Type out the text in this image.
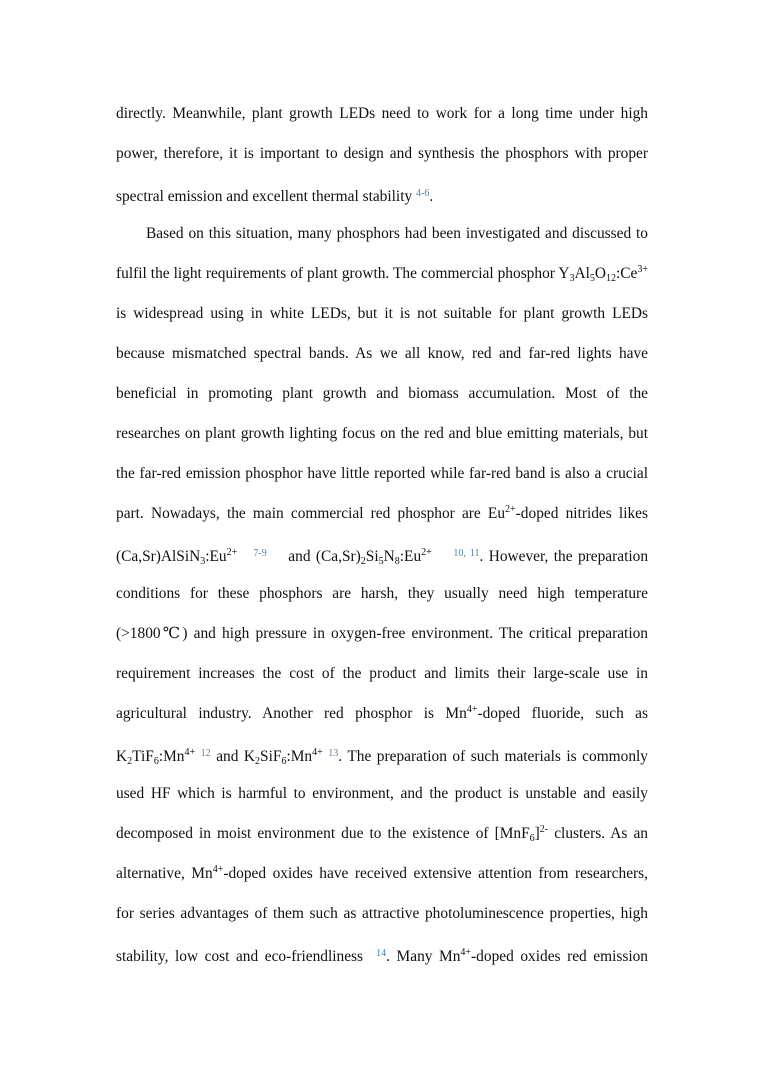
directly. Meanwhile, plant growth LEDs need to work for a long time under high
power, therefore, it is important to design and synthesis the phosphors with proper
spectral emission and excellent thermal stability $^{4-6}$.
Based on this situation, many phosphors had been investigated and discussed to
fulfil the light requirements of plant growth. The commercial phosphor $Y_3Al_5O_{12}:Ce^{3+}$
is widespread using in white LEDs, but it is not suitable for plant growth LEDs
because mismatched spectral bands. As we all know, red and far-red lights have
beneficial in promoting plant growth and biomass accumulation. Most of the
researches on plant growth lighting focus on the red and blue emitting materials, but
the far-red emission phosphor have little reported while far-red band is also a crucial
part. Nowadays, the main commercial red phosphor are $Eu^{2+}$-doped nitrides likes
$(Ca,Sr)AlSiN_3:Eu^{2+}$ $^{7-9}$ and $(Ca,Sr)_2Si_5N_8:Eu^{2+}$ $^{10, 11}$. However, the preparation
conditions for these phosphors are harsh, they usually need high temperature
(>1800℃) and high pressure in oxygen-free environment. The critical preparation
requirement increases the cost of the product and limits their large-scale use in
agricultural industry. Another red phosphor is $Mn^{4+}$-doped fluoride, such as
$K_2TiF_6:Mn^{4+}$ $^{12}$ and $K_2SiF_6:Mn^{4+}$ $^{13}$. The preparation of such materials is commonly
used HF which is harmful to environment, and the product is unstable and easily
decomposed in moist environment due to the existence of $[MnF_6]^{2-}$ clusters. As an
alternative, $Mn^{4+}$-doped oxides have received extensive attention from researchers,
for series advantages of them such as attractive photoluminescence properties, high
stability, low cost and eco-friendliness $^{14}$. Many $Mn^{4+}$-doped oxides red emission
